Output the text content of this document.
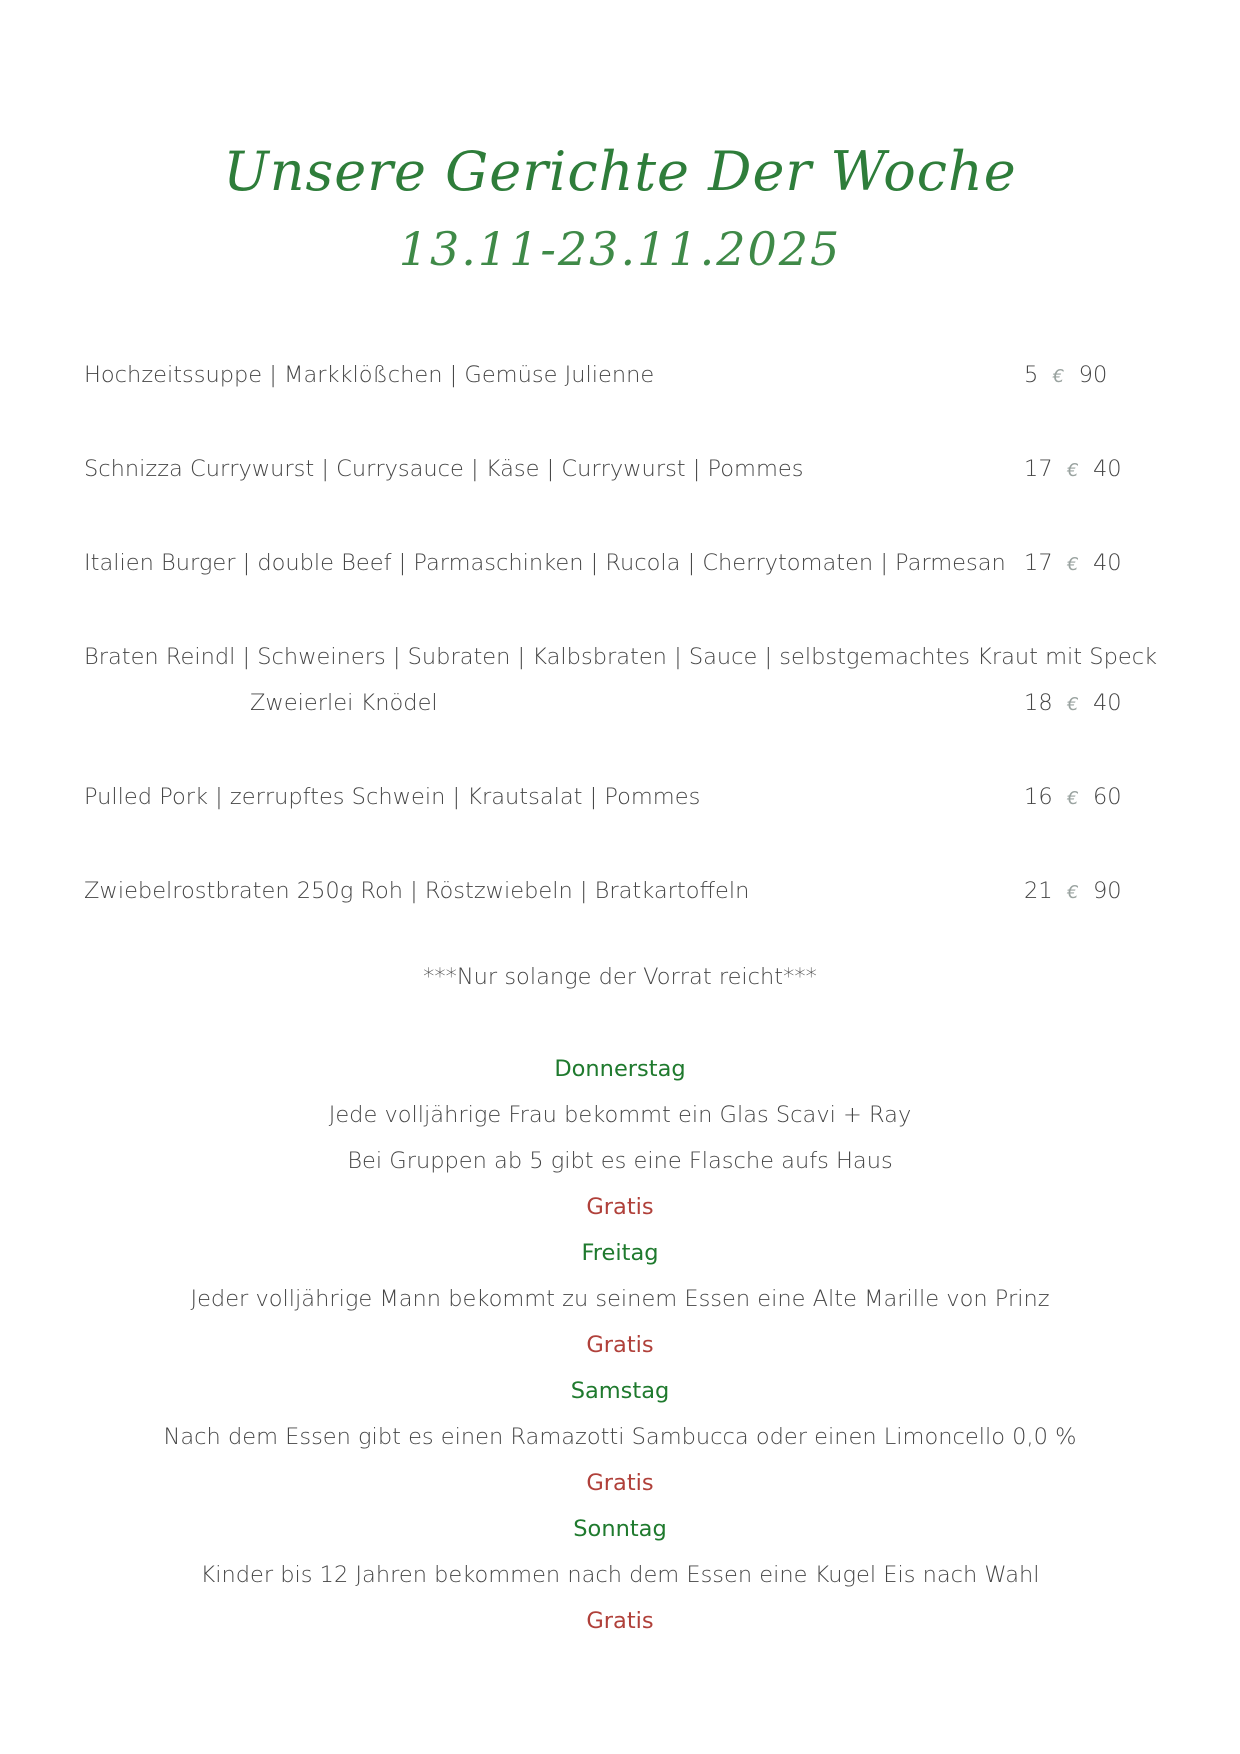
Unsere Gerichte Der Woche
13.11-23.11.2025
Hochzeitssuppe | Markklößchen | Gemüse Julienne	5 € 90
Schnizza Currywurst | Currysauce | Käse | Currywurst | Pommes	17 € 40
Italien Burger | double Beef | Parmaschinken | Rucola | Cherrytomaten | Parmesan 17 € 40
Braten Reindl | Schweiners | Subraten | Kalbsbraten | Sauce | selbstgemachtes Kraut mit Speck
Zweierlei Knödel	18 € 40
Pulled Pork | zerrupftes Schwein | Krautsalat | Pommes	16 € 60
Zwiebelrostbraten 250g Roh | Röstzwiebeln | Bratkartoffeln	21 € 90
***Nur solange der Vorrat reicht***
Donnerstag
Jede volljährige Frau bekommt ein Glas Scavi + Ray
Bei Gruppen ab 5 gibt es eine Flasche aufs Haus
Gratis
Freitag
Jeder volljährige Mann bekommt zu seinem Essen eine Alte Marille von Prinz
Gratis
Samstag
Nach dem Essen gibt es einen Ramazotti Sambucca oder einen Limoncello 0,0 %
Gratis
Sonntag
Kinder bis 12 Jahren bekommen nach dem Essen eine Kugel Eis nach Wahl
Gratis
